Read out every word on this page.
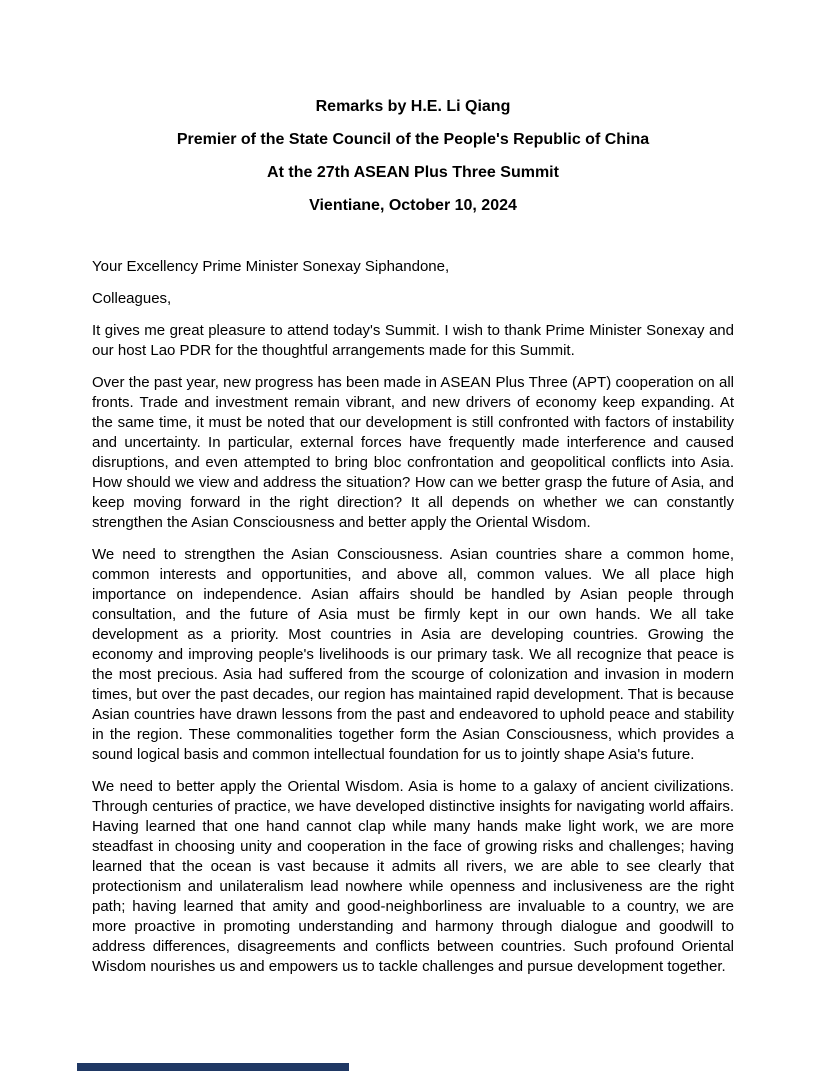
Remarks by H.E. Li Qiang
Premier of the State Council of the People's Republic of China
At the 27th ASEAN Plus Three Summit
Vientiane, October 10, 2024

Your Excellency Prime Minister Sonexay Siphandone,

Colleagues,

It gives me great pleasure to attend today's Summit. I wish to thank Prime Minister Sonexay and our host Lao PDR for the thoughtful arrangements made for this Summit.

Over the past year, new progress has been made in ASEAN Plus Three (APT) cooperation on all fronts. Trade and investment remain vibrant, and new drivers of economy keep expanding. At the same time, it must be noted that our development is still confronted with factors of instability and uncertainty. In particular, external forces have frequently made interference and caused disruptions, and even attempted to bring bloc confrontation and geopolitical conflicts into Asia. How should we view and address the situation? How can we better grasp the future of Asia, and keep moving forward in the right direction? It all depends on whether we can constantly strengthen the Asian Consciousness and better apply the Oriental Wisdom.

We need to strengthen the Asian Consciousness. Asian countries share a common home, common interests and opportunities, and above all, common values. We all place high importance on independence. Asian affairs should be handled by Asian people through consultation, and the future of Asia must be firmly kept in our own hands. We all take development as a priority. Most countries in Asia are developing countries. Growing the economy and improving people's livelihoods is our primary task. We all recognize that peace is the most precious. Asia had suffered from the scourge of colonization and invasion in modern times, but over the past decades, our region has maintained rapid development. That is because Asian countries have drawn lessons from the past and endeavored to uphold peace and stability in the region. These commonalities together form the Asian Consciousness, which provides a sound logical basis and common intellectual foundation for us to jointly shape Asia's future.

We need to better apply the Oriental Wisdom. Asia is home to a galaxy of ancient civilizations. Through centuries of practice, we have developed distinctive insights for navigating world affairs. Having learned that one hand cannot clap while many hands make light work, we are more steadfast in choosing unity and cooperation in the face of growing risks and challenges; having learned that the ocean is vast because it admits all rivers, we are able to see clearly that protectionism and unilateralism lead nowhere while openness and inclusiveness are the right path; having learned that amity and good-neighborliness are invaluable to a country, we are more proactive in promoting understanding and harmony through dialogue and goodwill to address differences, disagreements and conflicts between countries. Such profound Oriental Wisdom nourishes us and empowers us to tackle challenges and pursue development together.
